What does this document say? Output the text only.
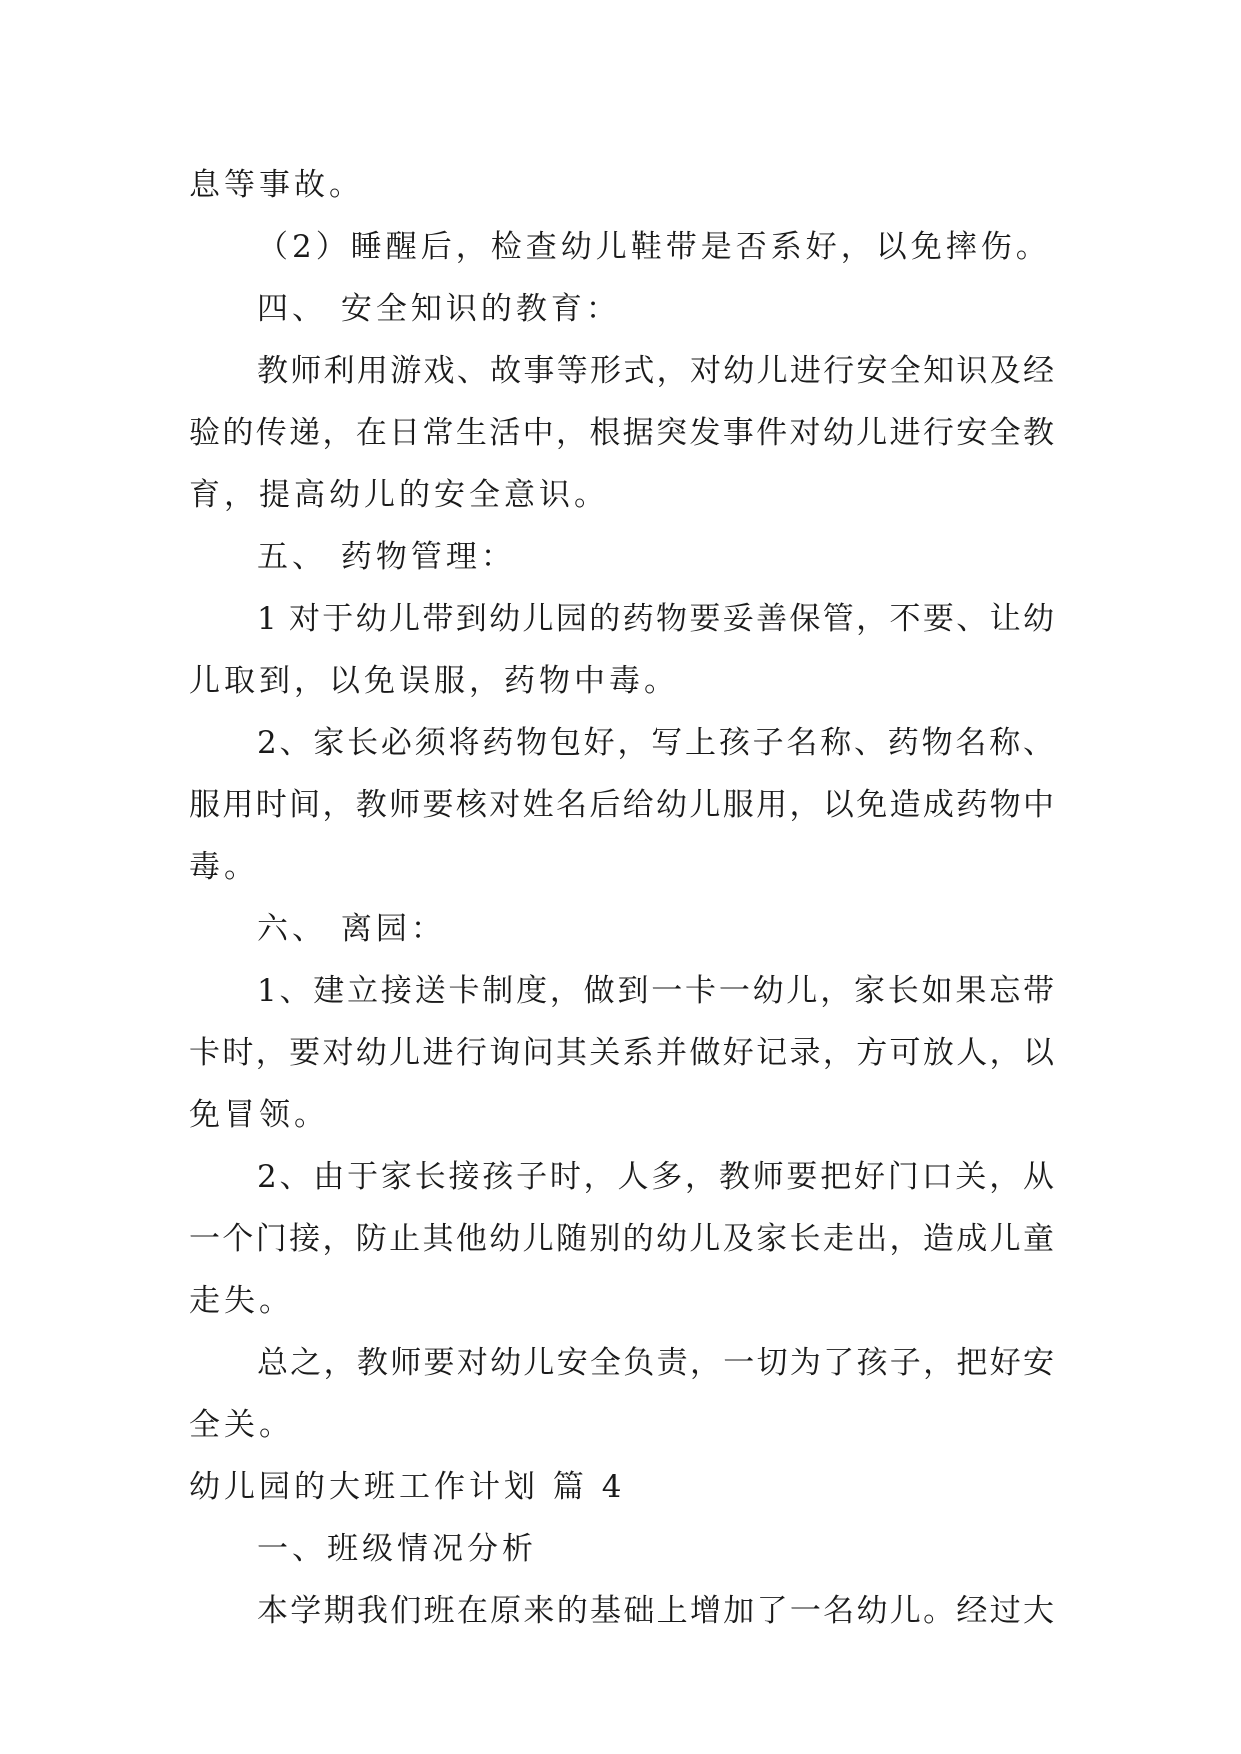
息等事故。
（2）睡醒后，检查幼儿鞋带是否系好，以免摔伤。
四、 安全知识的教育：
教师利用游戏、故事等形式，对幼儿进行安全知识及经
验的传递，在日常生活中，根据突发事件对幼儿进行安全教
育，提高幼儿的安全意识。
五、 药物管理：
1 对于幼儿带到幼儿园的药物要妥善保管，不要、让幼
儿取到，以免误服，药物中毒。
2、家长必须将药物包好，写上孩子名称、药物名称、
服用时间，教师要核对姓名后给幼儿服用，以免造成药物中
毒。
六、 离园：
1、建立接送卡制度，做到一卡一幼儿，家长如果忘带
卡时，要对幼儿进行询问其关系并做好记录，方可放人，以
免冒领。
2、由于家长接孩子时，人多，教师要把好门口关，从
一个门接，防止其他幼儿随别的幼儿及家长走出，造成儿童
走失。
总之，教师要对幼儿安全负责，一切为了孩子，把好安
全关。
幼儿园的大班工作计划 篇 4
一、班级情况分析
本学期我们班在原来的基础上增加了一名幼儿。经过大
